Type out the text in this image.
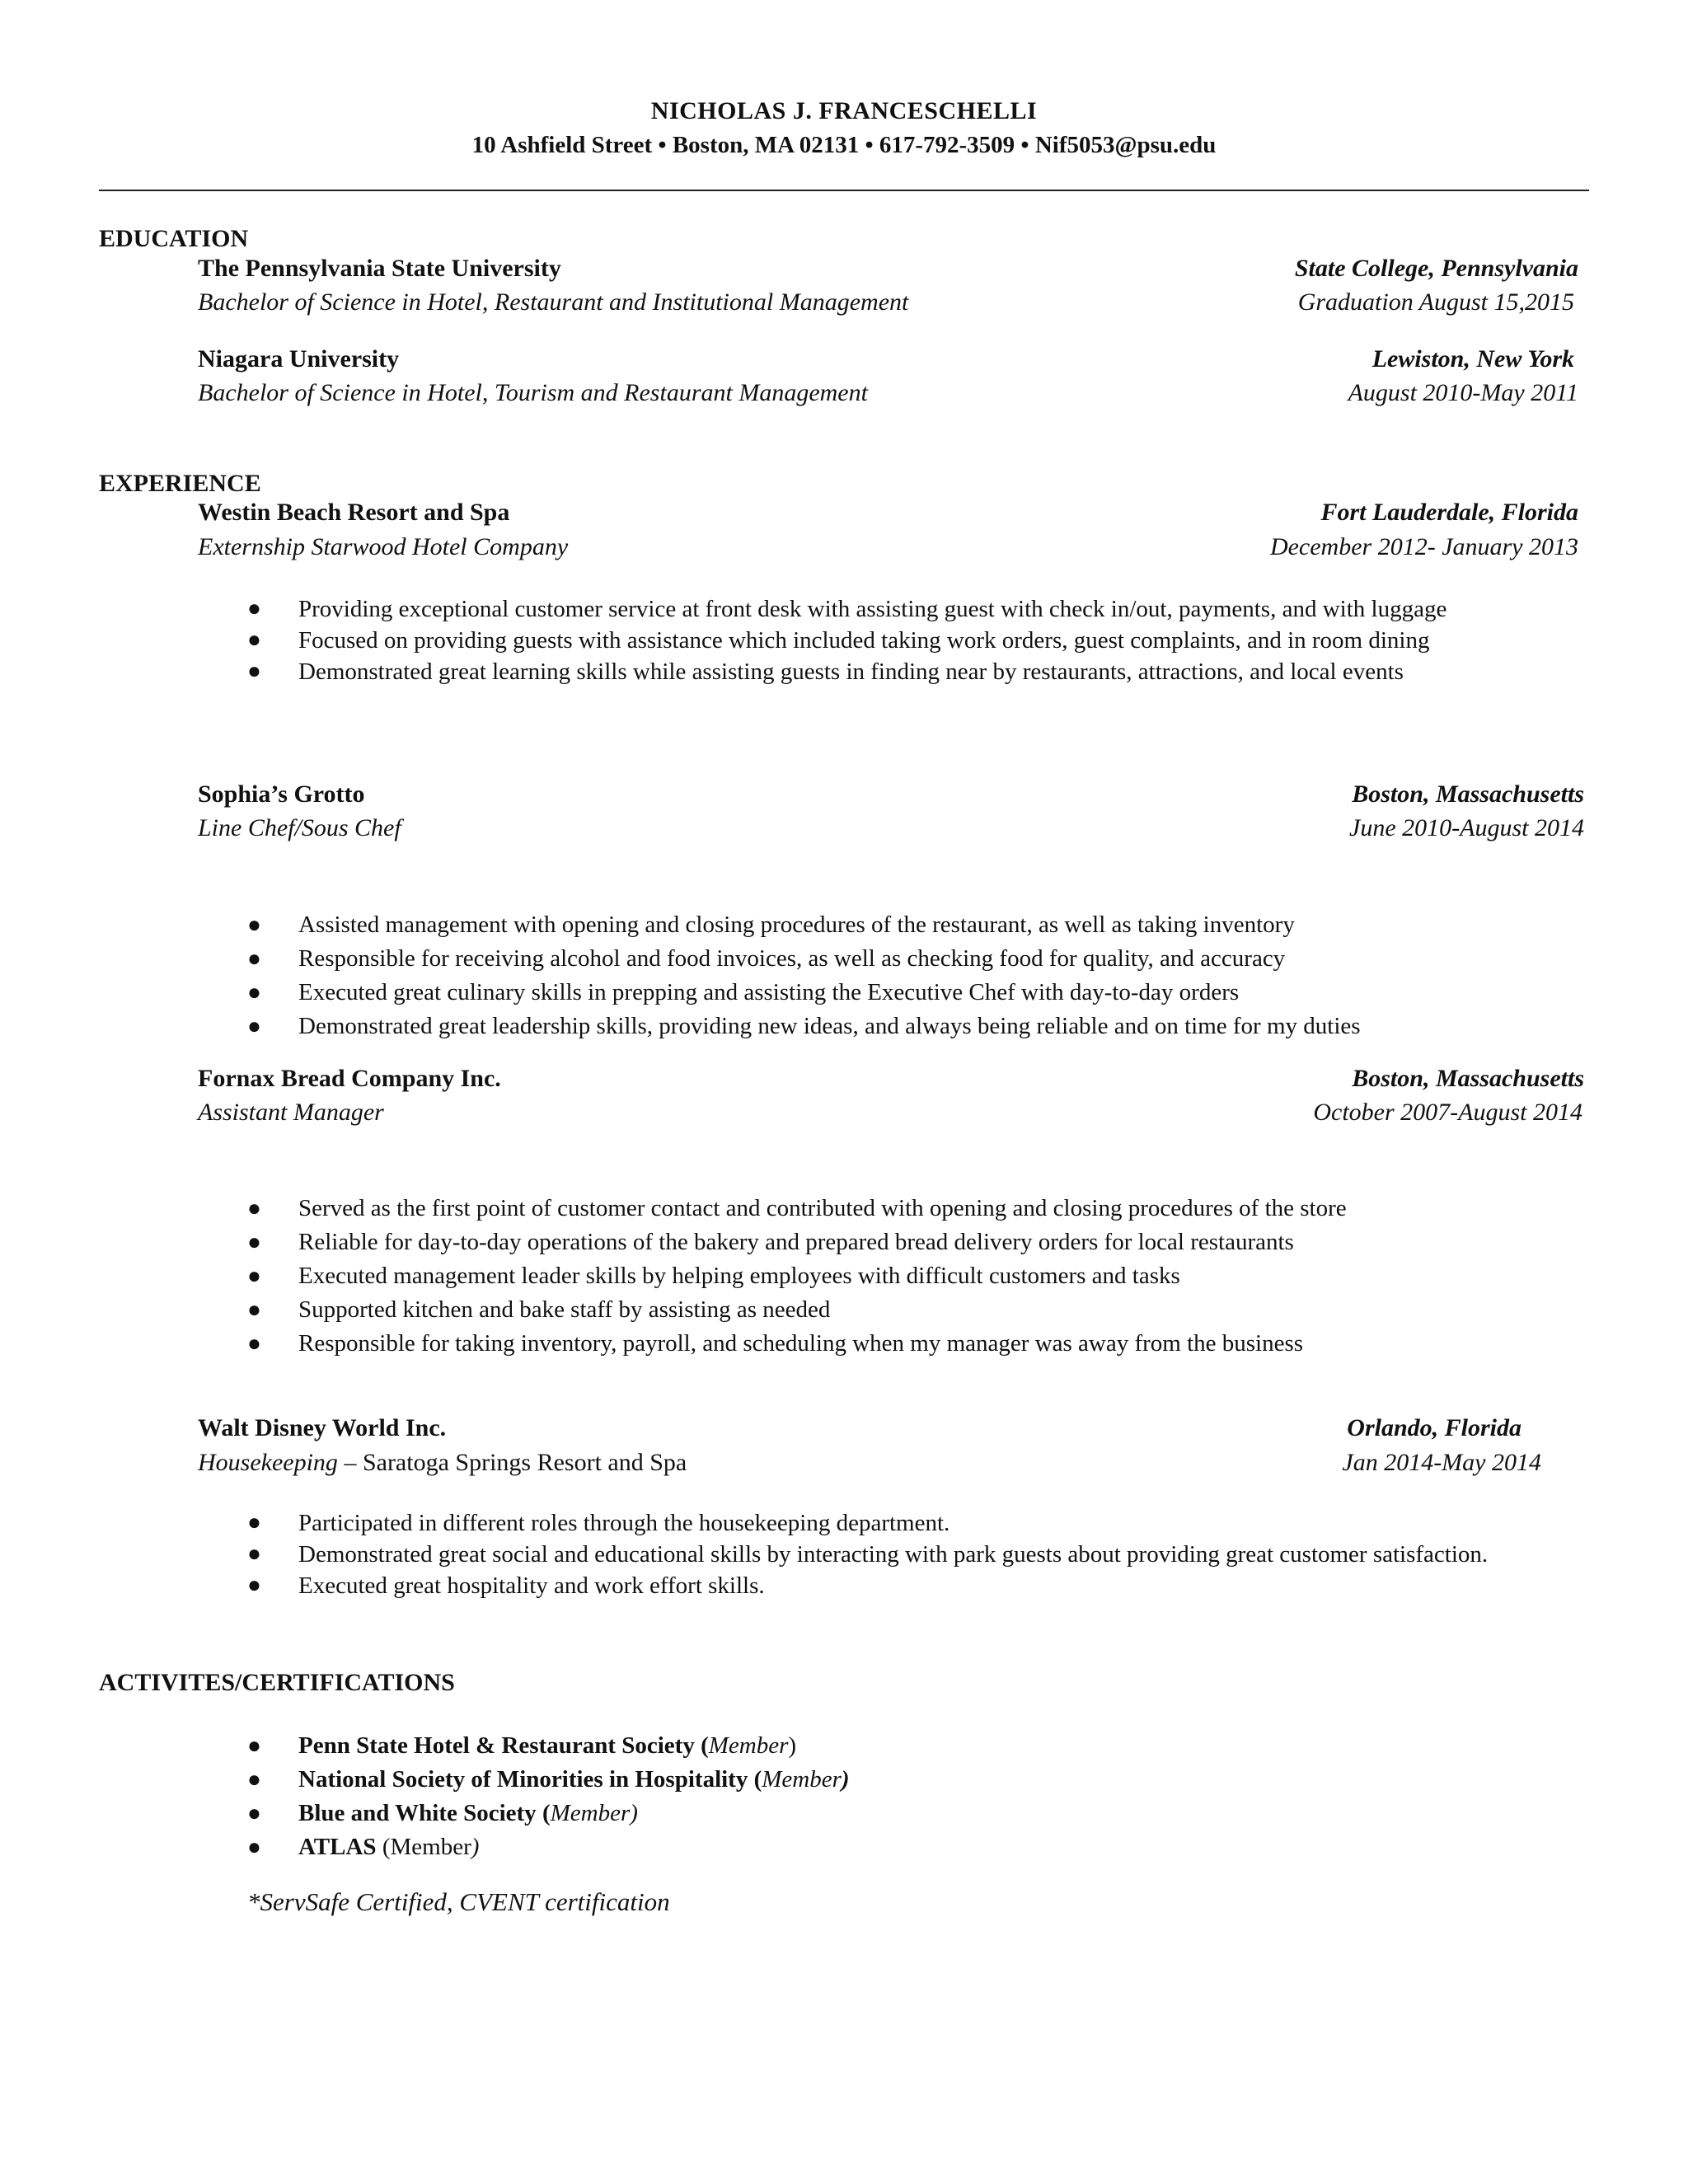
NICHOLAS J. FRANCESCHELLI
10 Ashfield Street • Boston, MA 02131 • 617-792-3509 • Nif5053@psu.edu
EDUCATION
The Pennsylvania State University	State College, Pennsylvania
Bachelor of Science in Hotel, Restaurant and Institutional Management	Graduation August 15,2015
Niagara University	Lewiston, New York
Bachelor of Science in Hotel, Tourism and Restaurant Management	August 2010-May 2011
EXPERIENCE
Westin Beach Resort and Spa	Fort Lauderdale, Florida
Externship Starwood Hotel Company	December 2012- January 2013
● Providing exceptional customer service at front desk with assisting guest with check in/out, payments, and with luggage
● Focused on providing guests with assistance which included taking work orders, guest complaints, and in room dining
● Demonstrated great learning skills while assisting guests in finding near by restaurants, attractions, and local events
Sophia’s Grotto	Boston, Massachusetts
Line Chef/Sous Chef	June 2010-August 2014
● Assisted management with opening and closing procedures of the restaurant, as well as taking inventory
● Responsible for receiving alcohol and food invoices, as well as checking food for quality, and accuracy
● Executed great culinary skills in prepping and assisting the Executive Chef with day-to-day orders
● Demonstrated great leadership skills, providing new ideas, and always being reliable and on time for my duties
Fornax Bread Company Inc.	Boston, Massachusetts
Assistant Manager	October 2007-August 2014
● Served as the first point of customer contact and contributed with opening and closing procedures of the store
● Reliable for day-to-day operations of the bakery and prepared bread delivery orders for local restaurants
● Executed management leader skills by helping employees with difficult customers and tasks
● Supported kitchen and bake staff by assisting as needed
● Responsible for taking inventory, payroll, and scheduling when my manager was away from the business
Walt Disney World Inc.	Orlando, Florida
Housekeeping – Saratoga Springs Resort and Spa	Jan 2014-May 2014
● Participated in different roles through the housekeeping department.
● Demonstrated great social and educational skills by interacting with park guests about providing great customer satisfaction.
● Executed great hospitality and work effort skills.
ACTIVITES/CERTIFICATIONS
● Penn State Hotel & Restaurant Society (Member)
● National Society of Minorities in Hospitality (Member)
● Blue and White Society (Member)
● ATLAS (Member)
*ServSafe Certified, CVENT certification
